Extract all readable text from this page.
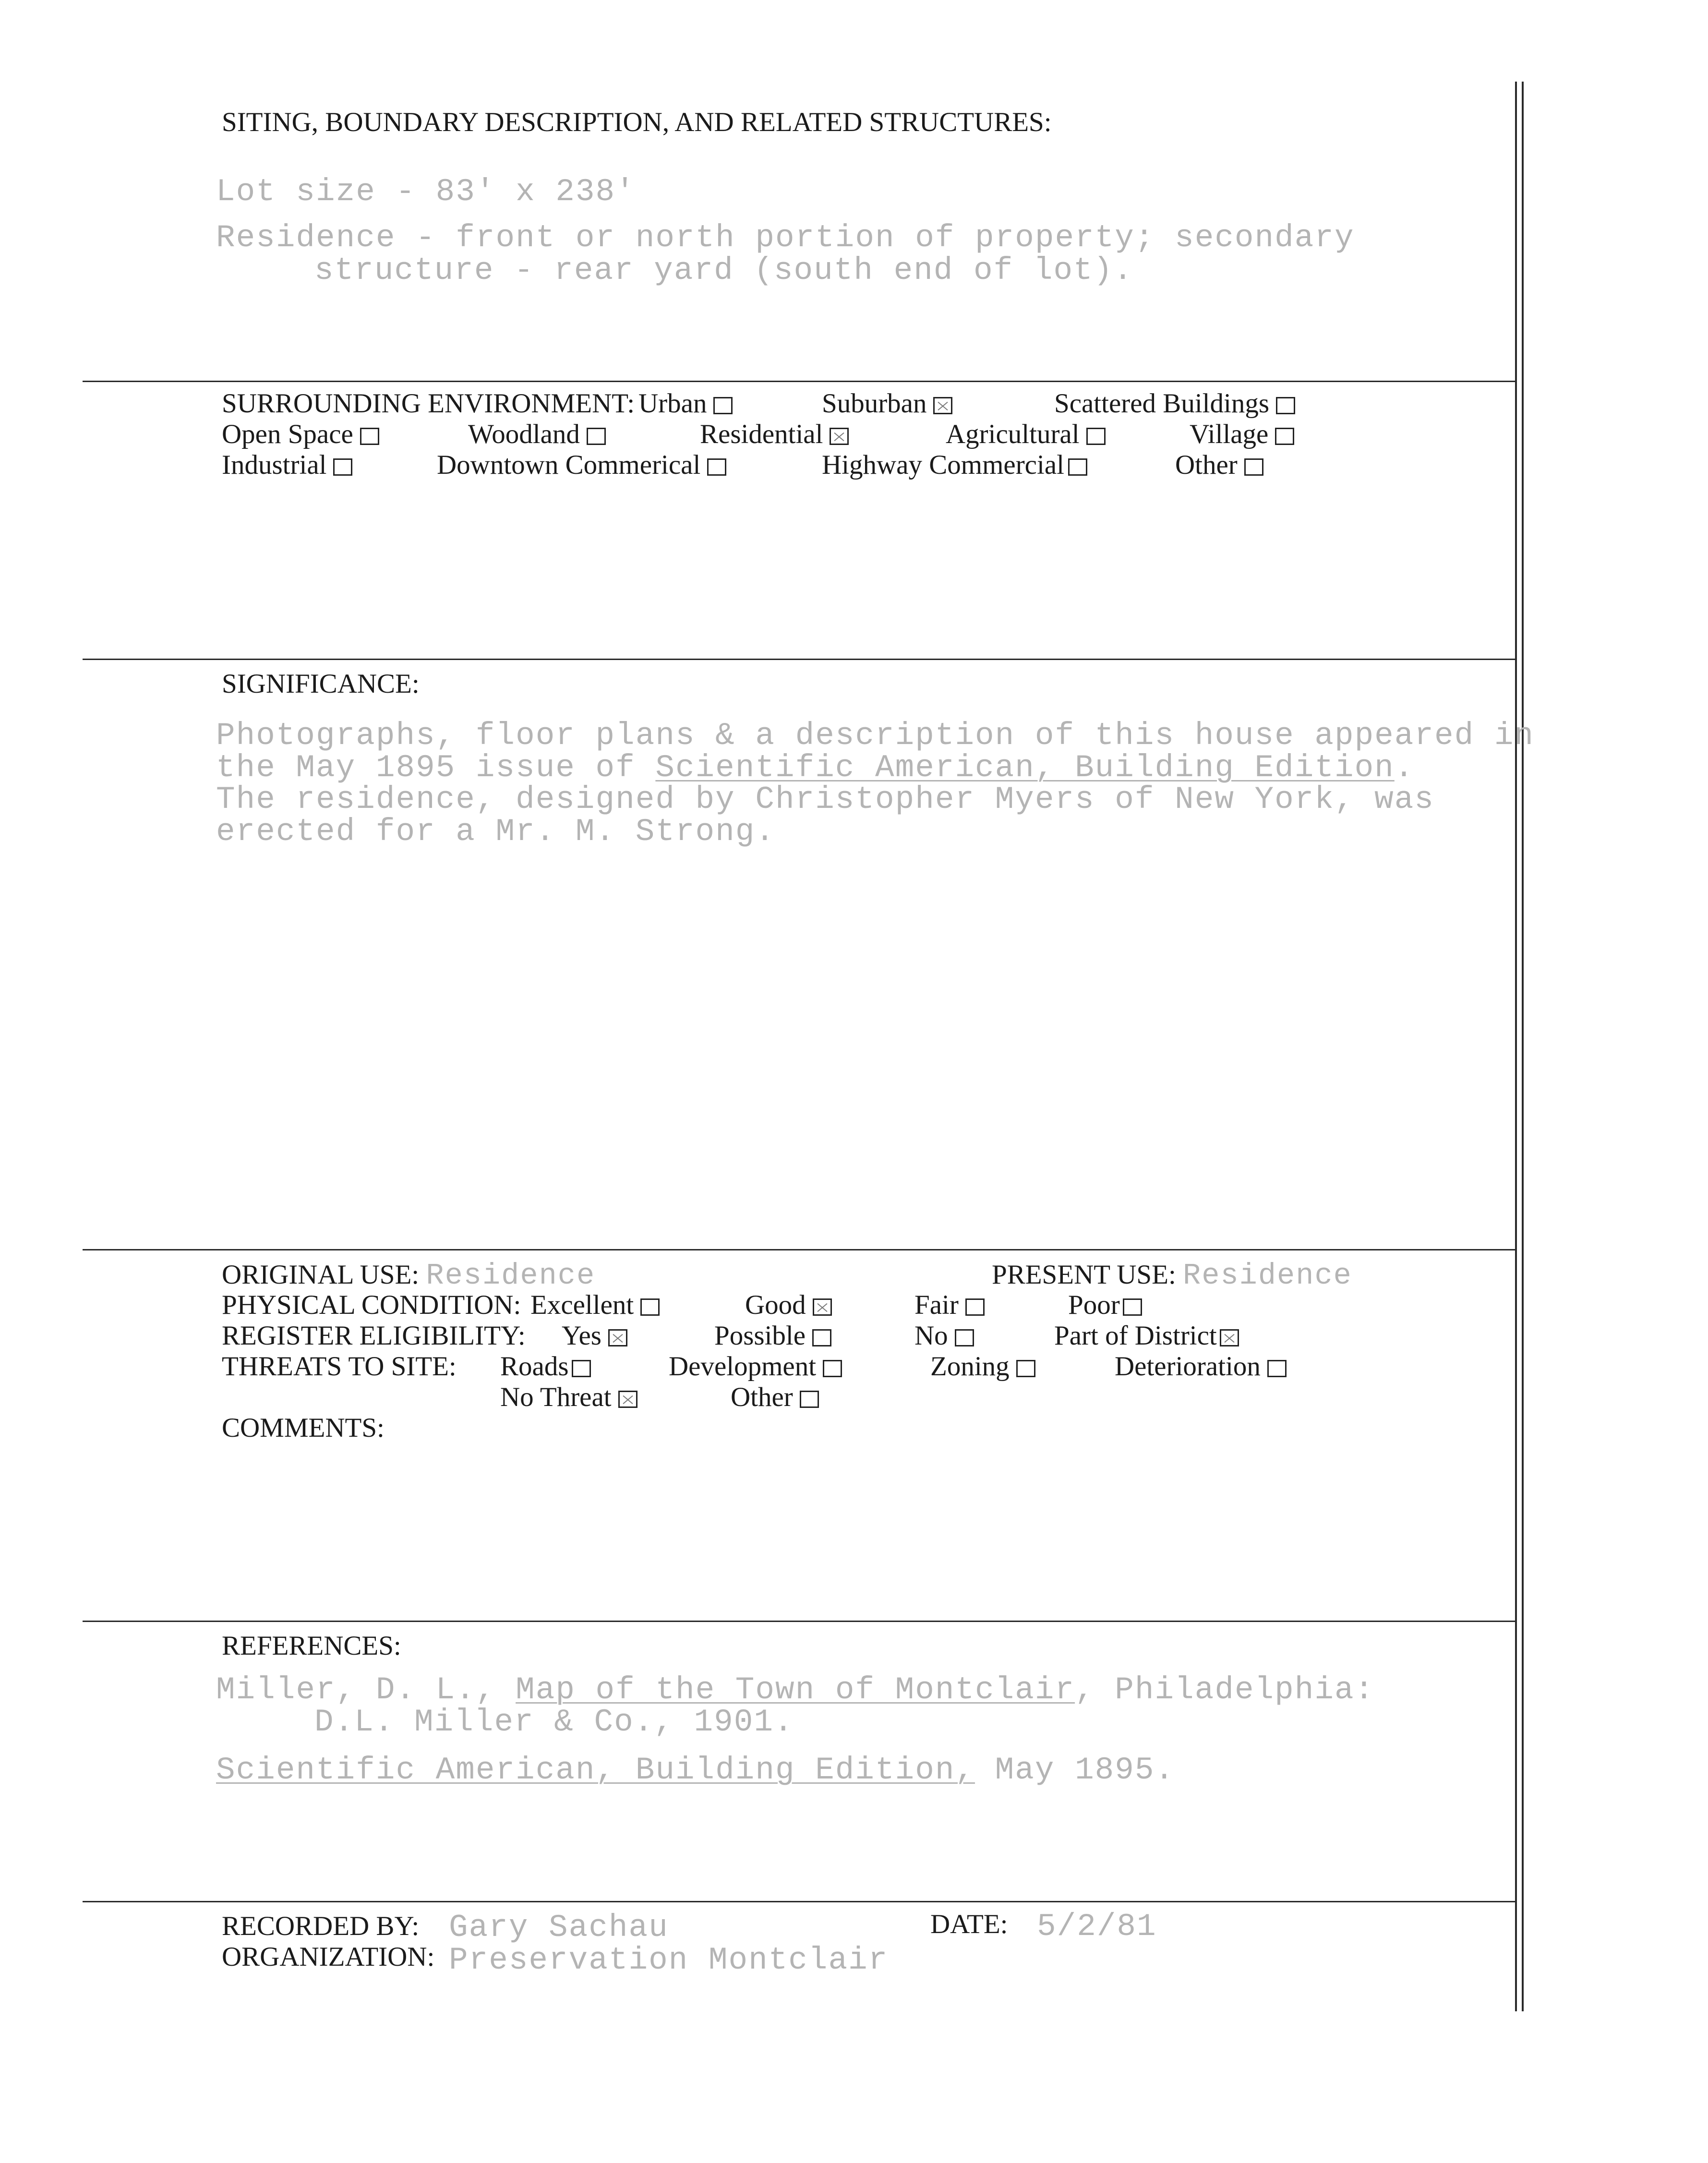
SITING, BOUNDARY DESCRIPTION, AND RELATED STRUCTURES:
Lot size - 83' x 238'
Residence - front or north portion of property; secondary
structure - rear yard (south end of lot).
SURROUNDING ENVIRONMENT: Urban	Suburban	Scattered Buildings
Open Space	Woodland	Residential	Agricultural	Village
Industrial	Downtown Commerical	Highway Commercial	Other
SIGNIFICANCE:
Photographs, floor plans & a description of this house appeared in
the May 1895 issue of Scientific American, Building Edition.
The residence, designed by Christopher Myers of New York, was
erected for a Mr. M. Strong.
ORIGINAL USE: Residence	PRESENT USE: Residence
PHYSICAL CONDITION: Excellent	Good	Fair	Poor
REGISTER ELIGIBILITY: Yes	Possible	No	Part of District
THREATS TO SITE: Roads	Development	Zoning	Deterioration
No Threat	Other
COMMENTS:
REFERENCES:
Miller, D. L., Map of the Town of Montclair, Philadelphia:
D.L. Miller & Co., 1901.
Scientific American, Building Edition, May 1895.
RECORDED BY: Gary Sachau	DATE: 5/2/81
ORGANIZATION: Preservation Montclair
